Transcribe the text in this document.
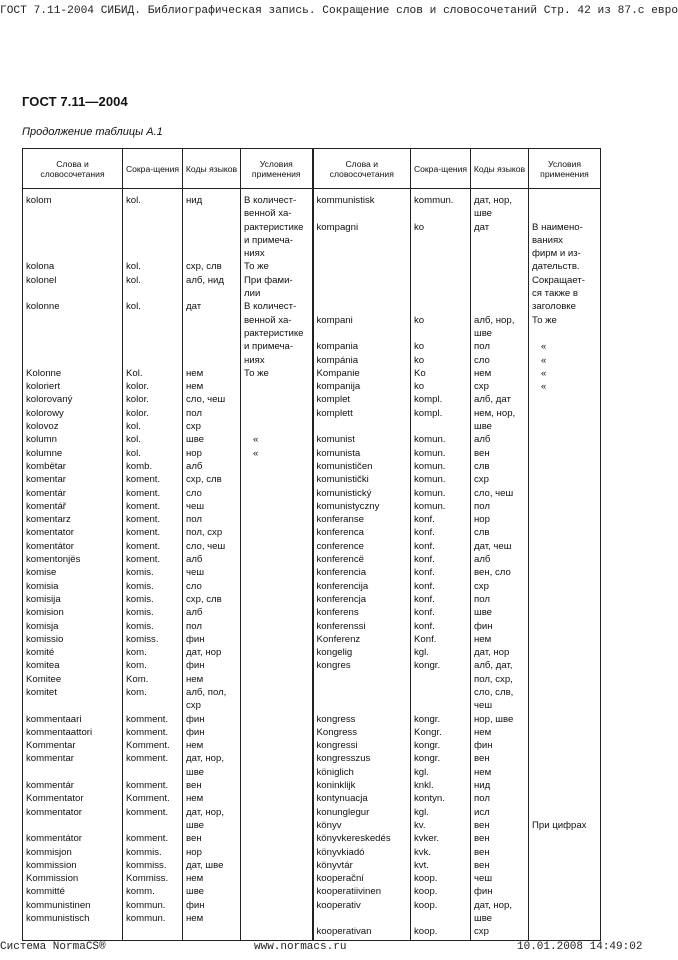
ГОСТ 7.11-2004 СИБИД. Библиографическая запись. Сокращение слов и словосочетаний Стр. 42 из 87.с евро
ГОСТ 7.11—2004
Продолжение таблицы А.1
Слова и словосочетания	Сокра-щения	Коды языков	Условия применения	Слова и словосочетания	Сокра-щения	Коды языков	Условия применения

kolom	kol.	нид	В количест-	kommunistisk	kommun.	дат, нор,	
			венной ха-			шве	
			рактеристике	kompagni	ko	дат	В наимено-
			и примеча-				ваниях
			ниях				фирм и из-
kolona	kol.	схр, слв	То же				дательств.
kolonel	kol.	алб, нид	При фами-				Сокращает-
			лии				ся также в
kolonne	kol.	дат	В количест-				заголовке
			венной ха-	kompani	ko	алб, нор,	То же
			рактеристике			шве	
			и примеча-	kompania	ko	пол	«
			ниях	kompánia	ko	сло	«
Kolonne	Kol.	нем	То же	Kompanie	Ko	нем	«
koloriert	kolor.	нем		kompanija	ko	схр	«
kolorovaný	kolor.	сло, чеш		komplet	kompl.	алб, дат	
kolorowy	kolor.	пол		komplett	kompl.	нем, нор,	
kolovoz	kol.	схр				шве	
kolumn	kol.	шве	«	komunist	komun.	алб	
kolumne	kol.	нор	«	komunista	komun.	вен	
kombëtar	komb.	алб		komunističen	komun.	слв	
komentar	koment.	схр, слв		komunistički	komun.	схр	
komentár	koment.	сло		komunistický	komun.	сло, чеш	
komentář	koment.	чеш		komunistyczny	komun.	пол	
komentarz	koment.	пол		konferanse	konf.	нор	
komentator	koment.	пол, схр		konferenca	konf.	слв	
komentátor	koment.	сло, чеш		conference	konf.	дат, чеш	
komentonjës	koment.	алб		konferencë	konf.	алб	
komise	komis.	чеш		konferencia	konf.	вен, сло	
komisia	komis.	сло		konferencija	konf.	схр	
komisija	komis.	схр, слв		konferencja	konf.	пол	
komision	komis.	алб		konferens	konf.	шве	
komisja	komis.	пол		konferenssi	konf.	фин	
komissio	komiss.	фин		Konferenz	Konf.	нем	
komité	kom.	дат, нор		kongelig	kgl.	дат, нор	
komitea	kom.	фин		kongres	kongr.	алб, дат,	
Komitee	Kom.	нем				пол, схр,	
komitet	kom.	алб, пол,				сло, слв,	
		схр				чеш	
kommentaari	komment.	фин		kongress	kongr.	нор, шве	
kommentaattori	komment.	фин		Kongress	Kongr.	нем	
Kommentar	Komment.	нем		kongressi	kongr.	фин	
kommentar	komment.	дат, нор,		kongresszus	kongr.	вен	
		шве		königlich	kgl.	нем	
kommentár	komment.	вен		koninklijk	knkl.	нид	
Kommentator	Komment.	нем		kontynuacja	kontyn.	пол	
kommentator	komment.	дат, нор,		konunglegur	kgl.	исл	
		шве		könyv	kv.	вен	При цифрах
kommentátor	komment.	вен		könyvkereskedés	kvker.	вен	
kommisjon	kommis.	нор		könyvkiadó	kvk.	вен	
kommission	kommiss.	дат, шве		könyvtár	kvt.	вен	
Kommission	Kommiss.	нем		kooperační	koop.	чеш	
kommitté	komm.	шве		kooperatiivinen	koop.	фин	
kommunistinen	kommun.	фин		kooperativ	koop.	дат, нор,	
kommunistisch	kommun.	нем				шве	
				kooperativan	koop.	схр	
Система NormaCS®	www.normacs.ru	10.01.2008 14:49:02
